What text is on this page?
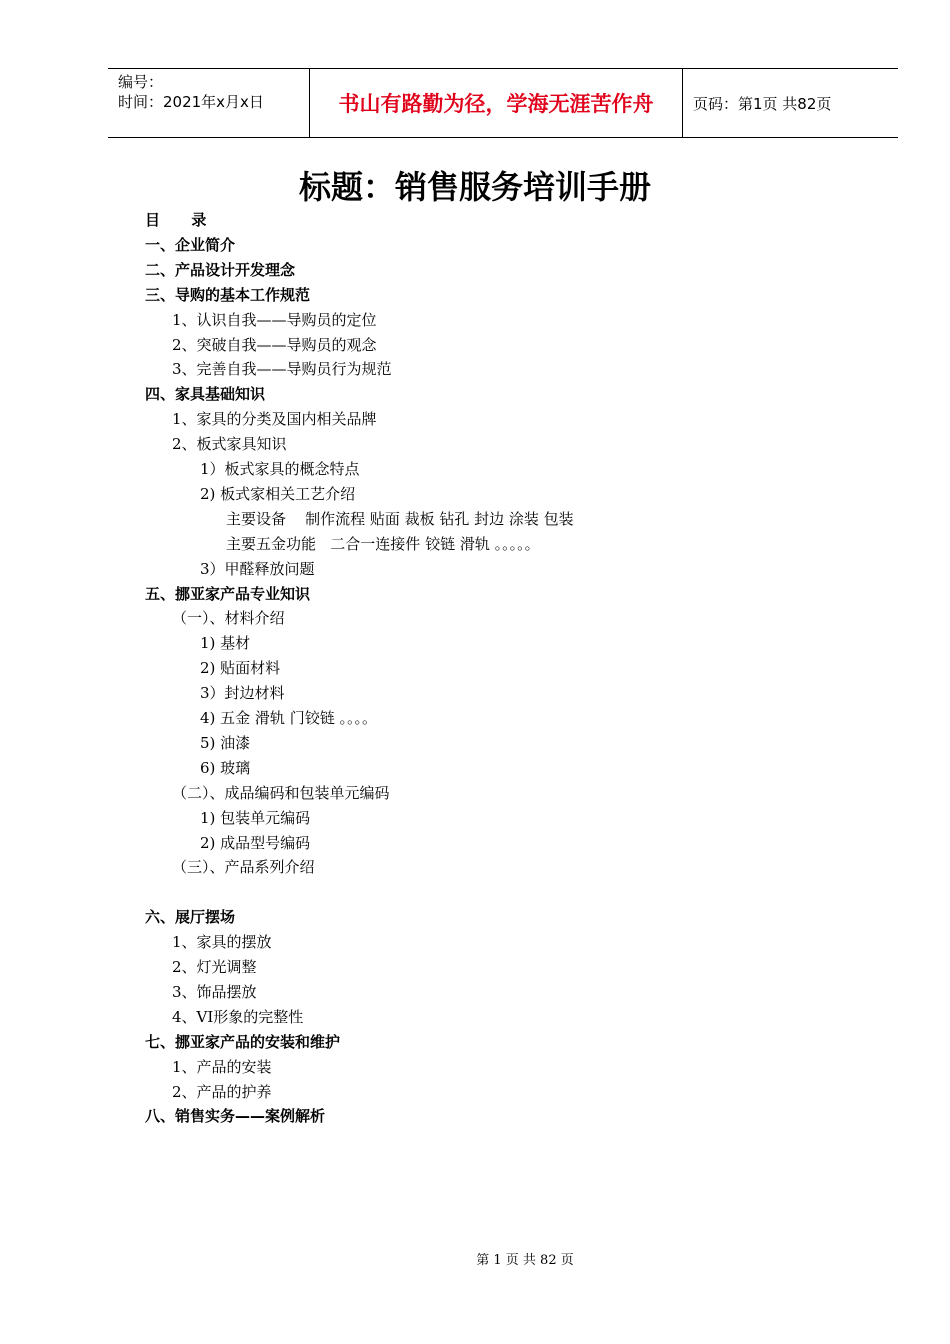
编号：
时间：2021年x月x日	书山有路勤为径，学海无涯苦作舟	页码：第1页 共82页
标题：销售服务培训手册
目      录
一、企业简介
二、产品设计开发理念
三、导购的基本工作规范
1、认识自我——导购员的定位
2、突破自我——导购员的观念
3、完善自我——导购员行为规范
四、家具基础知识
1、家具的分类及国内相关品牌
2、板式家具知识
1）板式家具的概念特点
2) 板式家相关工艺介绍
主要设备    制作流程 贴面 裁板 钻孔 封边 涂装 包装
主要五金功能   二合一连接件 铰链 滑轨 。。。。。
3）甲醛释放问题
五、挪亚家产品专业知识
（一）、材料介绍
1) 基材
2) 贴面材料
3）封边材料
4) 五金 滑轨 门铰链 。。。。
5) 油漆
6) 玻璃
（二）、成品编码和包装单元编码
1) 包装单元编码
2) 成品型号编码
（三）、产品系列介绍
六、展厅摆场
1、家具的摆放
2、灯光调整
3、饰品摆放
4、VI形象的完整性
七、挪亚家产品的安装和维护
1、产品的安装
2、产品的护养
八、销售实务——案例解析
第 1 页 共 82 页
